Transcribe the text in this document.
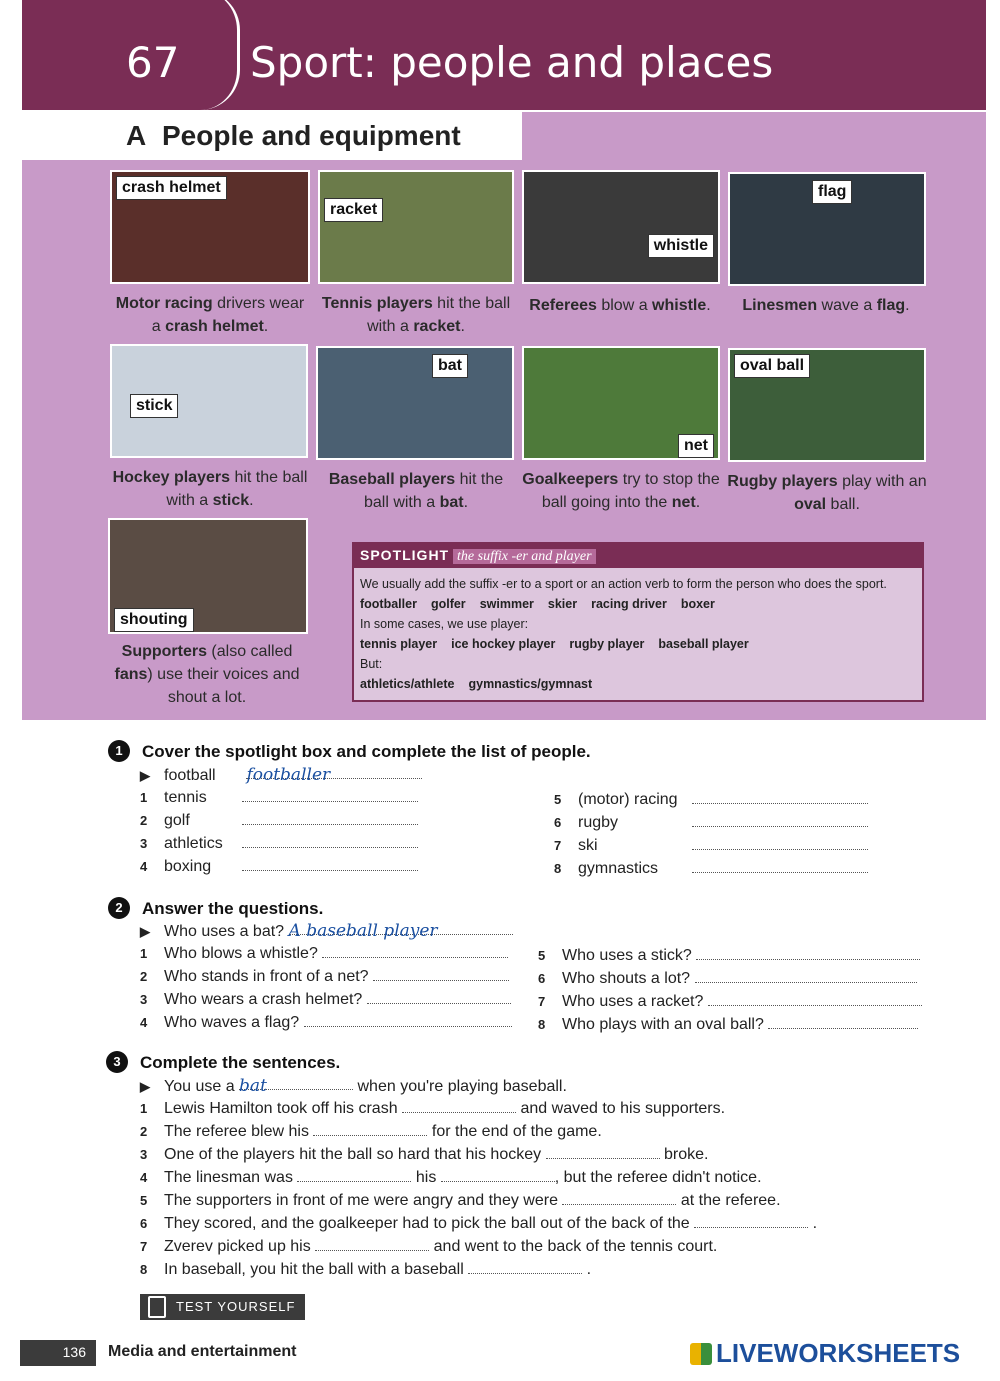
67 Sport: people and places
A People and equipment
crash helmet
Motor racing drivers wear a crash helmet.
racket
Tennis players hit the ball with a racket.
whistle
Referees blow a whistle.
flag
Linesmen wave a flag.
stick
Hockey players hit the ball with a stick.
bat
Baseball players hit the ball with a bat.
net
Goalkeepers try to stop the ball going into the net.
oval ball
Rugby players play with an oval ball.
shouting
Supporters (also called fans) use their voices and shout a lot.
SPOTLIGHT the suffix -er and player
We usually add the suffix -er to a sport or an action verb to form the person who does the sport.
footballer golfer swimmer skier racing driver boxer
In some cases, we use player:
tennis player ice hockey player rugby player baseball player
But:
athletics/athlete gymnastics/gymnast
1	Cover the spotlight box and complete the list of people.
▶ football footballer
1 tennis
2 golf
3 athletics
4 boxing
5 (motor) racing
6 rugby
7 ski
8 gymnastics
2	Answer the questions.
▶ Who uses a bat? A baseball player
1 Who blows a whistle?
2 Who stands in front of a net?
3 Who wears a crash helmet?
4 Who waves a flag?
5 Who uses a stick?
6 Who shouts a lot?
7 Who uses a racket?
8 Who plays with an oval ball?
3	Complete the sentences.
▶ You use a bat	when you're playing baseball.
1 Lewis Hamilton took off his crash	and waved to his supporters.
2 The referee blew his	for the end of the game.
3 One of the players hit the ball so hard that his hockey	broke.
4 The linesman was	his	, but the referee didn't notice.
5 The supporters in front of me were angry and they were	at the referee.
6 They scored, and the goalkeeper had to pick the ball out of the back of the	.
7 Zverev picked up his	and went to the back of the tennis court.
8 In baseball, you hit the ball with a baseball	.
TEST YOURSELF
136	Media and entertainment	LIVEWORKSHEETS
